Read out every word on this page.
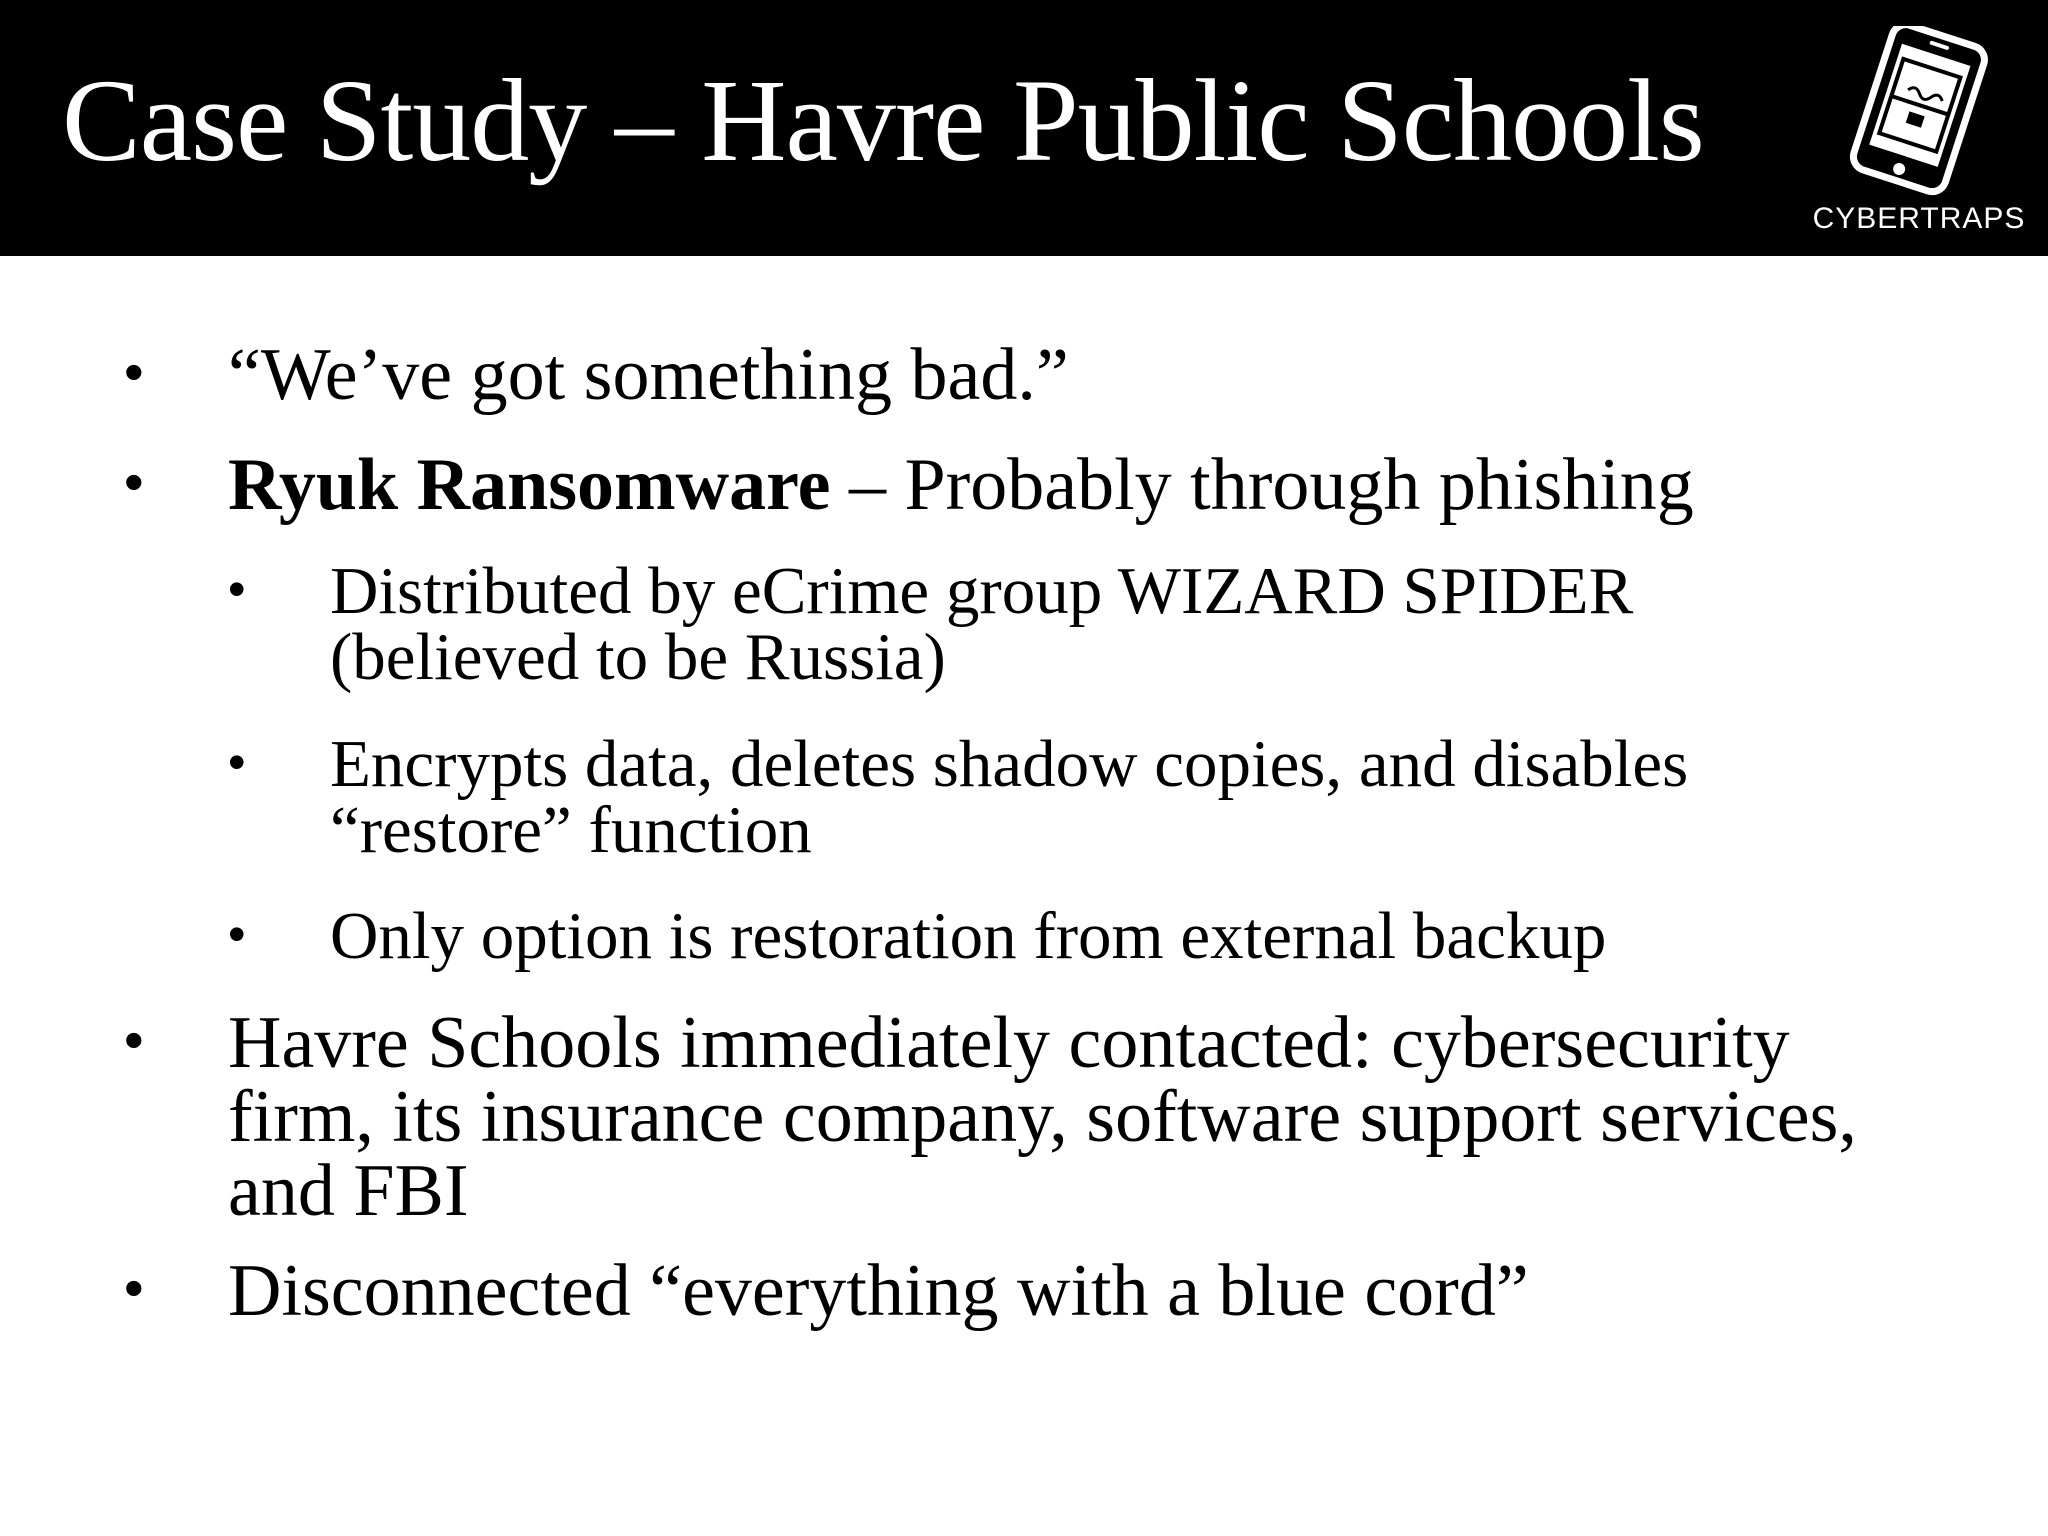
Case Study – Havre Public Schools
CYBERTRAPS

• “We’ve got something bad.”

• Ryuk Ransomware – Probably through phishing

• Distributed by eCrime group WIZARD SPIDER (believed to be Russia)

• Encrypts data, deletes shadow copies, and disables “restore” function

• Only option is restoration from external backup

• Havre Schools immediately contacted: cybersecurity firm, its insurance company, software support services, and FBI

• Disconnected “everything with a blue cord”
